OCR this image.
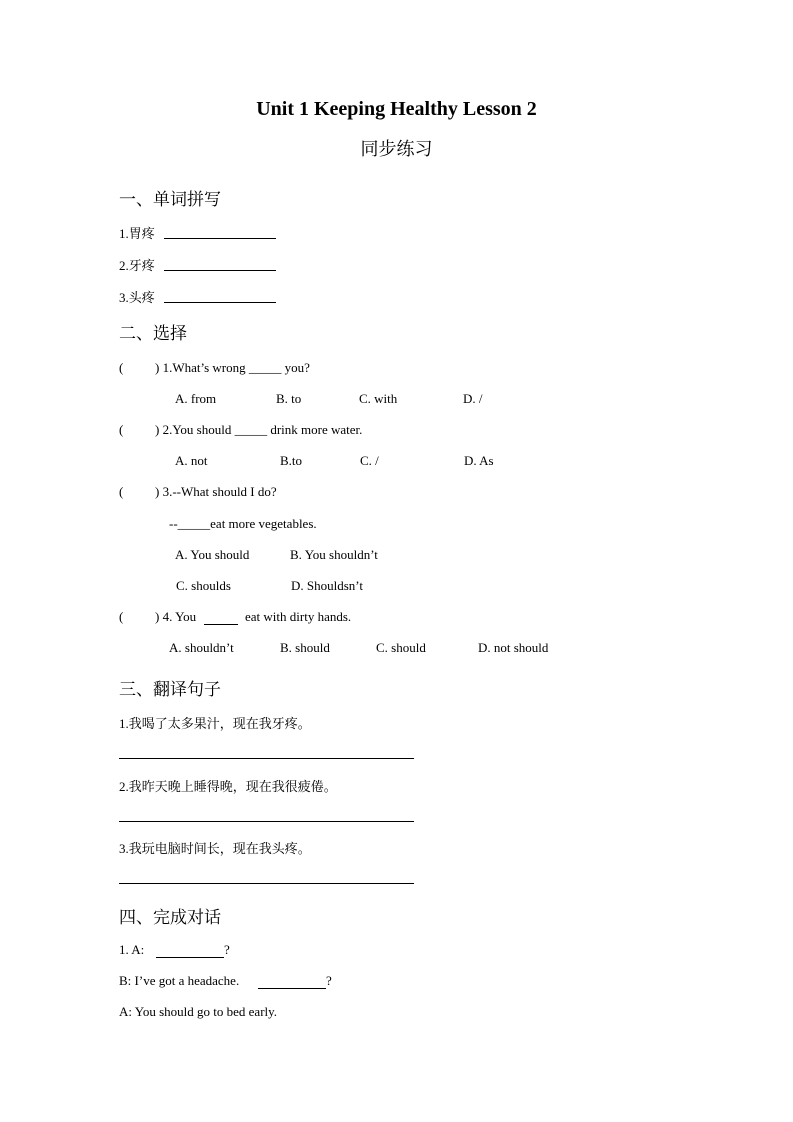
Unit 1 Keeping Healthy Lesson 2
同步练习
一、单词拼写
1.胃疼
2.牙疼
3.头疼
二、选择
( ) 1.What’s wrong _____ you?
A. from	B. to	C. with	D. /
( ) 2.You should _____ drink more water.
A. not	B.to	C. /	D. As
( ) 3.--What should I do?
--_____eat more vegetables.
A. You should	B. You shouldn’t
C. shoulds	D. Shouldsn’t
( ) 4. You	eat with dirty hands.
A. shouldn’t	B. should	C. should	D. not should
三、翻译句子
1.我喝了太多果汁，现在我牙疼。
2.我昨天晚上睡得晚，现在我很疲倦。
3.我玩电脑时间长，现在我头疼。
四、完成对话
1. A:	?
B: I’ve got a headache.	?
A: You should go to bed early.
